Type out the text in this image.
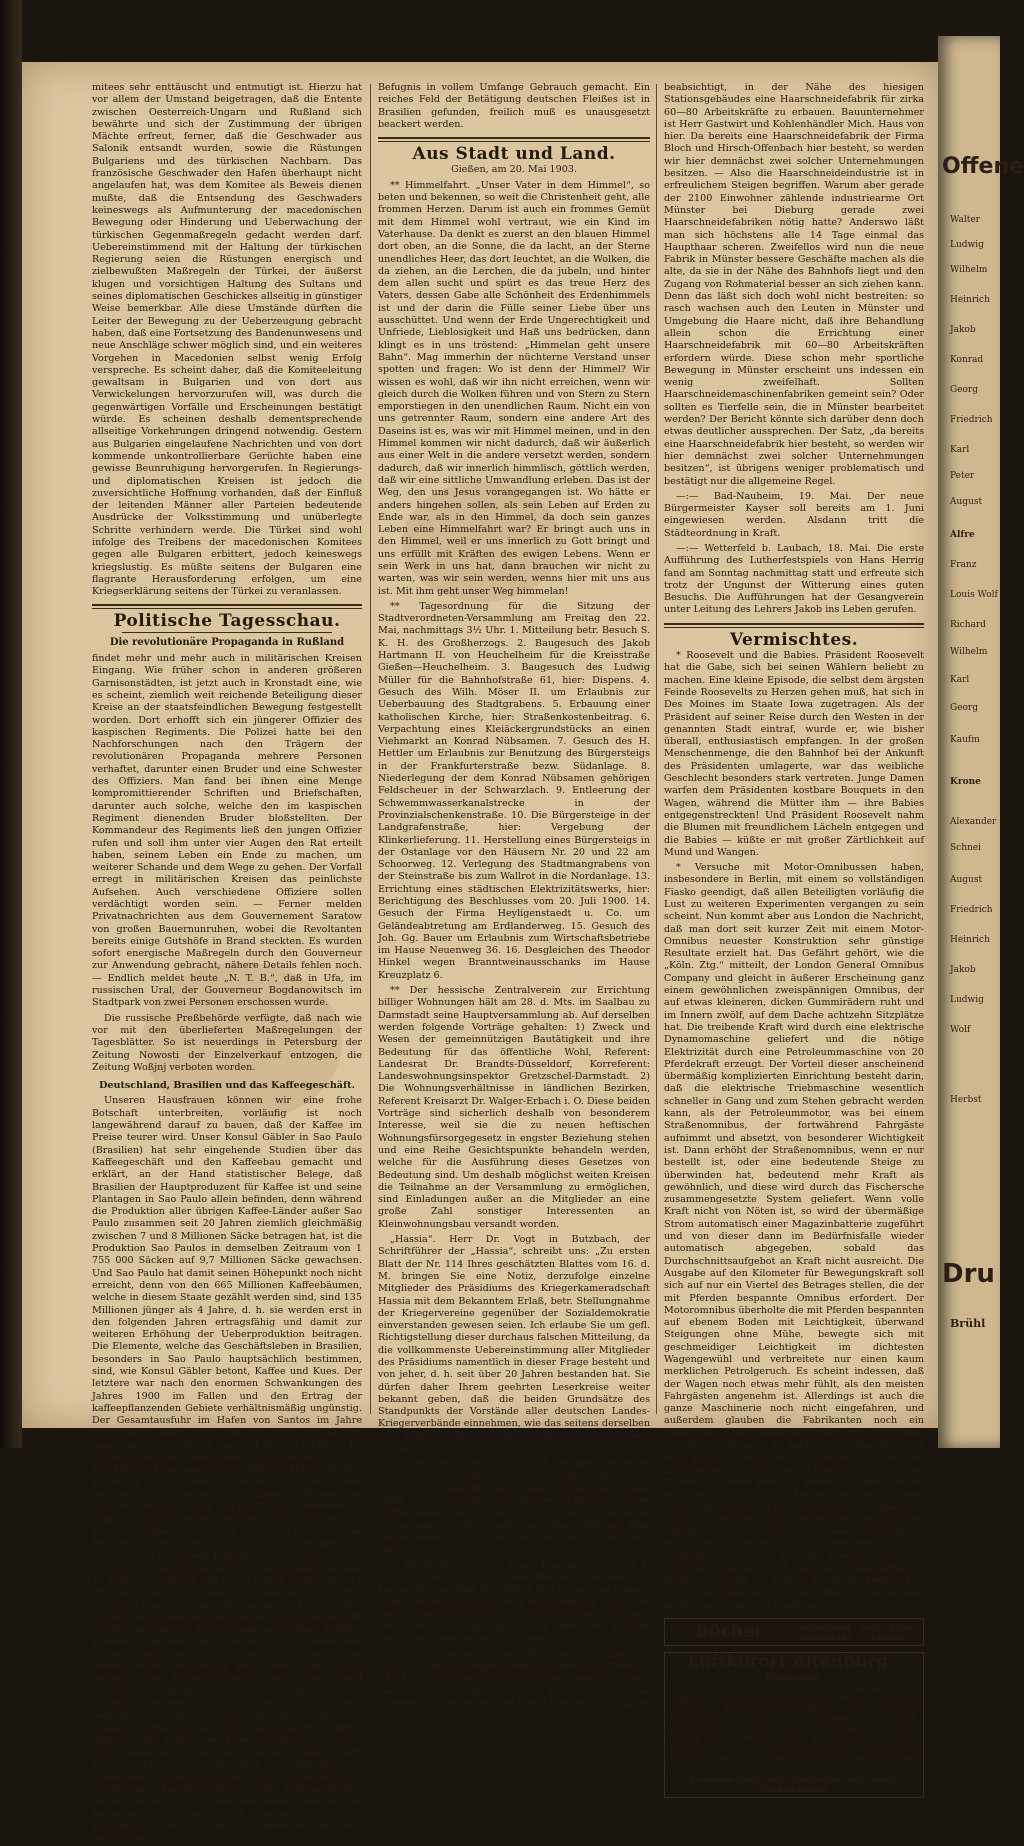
mitees sehr enttäuscht und entmutigt ist. Hierzu hat vor allem der Umstand beigetragen, daß die Entente zwischen Oesterreich-Ungarn und Rußland sich bewährte und sich der Zustimmung der übrigen Mächte erfreut, ferner, daß die Geschwader aus Salonik entsandt wurden, sowie die Rüstungen Bulgariens und des türkischen Nachbarn. Das französische Geschwader den Hafen überhaupt nicht angelaufen hat, was dem Komitee als Beweis dienen mußte, daß die Entsendung des Geschwaders keineswegs als Aufmunterung der macedonischen Bewegung oder Hinderung und Ueberwachung der türkischen Gegenmaßregeln gedacht werden darf. Uebereinstimmend mit der Haltung der türkischen Regierung seien die Rüstungen energisch und zielbewußten Maßregeln der Türkei, der äußerst klugen und vorsichtigen Haltung des Sultans und seines diplomatischen Geschickes allseitig in günstiger Weise bemerkbar. Alle diese Umstände dürften die Leiter der Bewegung zu der Ueberzeugung gebracht haben, daß eine Fortsetzung des Bandenunwesens und neue Anschläge schwer möglich sind, und ein weiteres Vorgehen in Macedonien selbst wenig Erfolg verspreche. Es scheint daher, daß die Komiteeleitung gewaltsam in Bulgarien und von dort aus Verwickelungen hervorzurufen will, was durch die gegenwärtigen Vorfälle und Erscheinungen bestätigt würde. Es scheinen deshalb dementsprechende allseitige Vorkehrungen dringend notwendig. Gestern aus Bulgarien eingelaufene Nachrichten und von dort kommende unkontrollierbare Gerüchte haben eine gewisse Beunruhigung hervorgerufen. In Regierungs- und diplomatischen Kreisen ist jedoch die zuversichtliche Hoffnung vorhanden, daß der Einfluß der leitenden Männer aller Parteien bedeutende Ausdrücke der Volksstimmung und unüberlegte Schritte verhindern werde. Die Türkei sind wohl infolge des Treibens der macedonischen Komitees gegen alle Bulgaren erbittert, jedoch keineswegs kriegslustig. Es müßte seitens der Bulgaren eine flagrante Herausforderung erfolgen, um eine Kriegserklärung seitens der Türkei zu veranlassen.

Politische Tagesschau.
Die revolutionäre Propaganda in Rußland

findet mehr und mehr auch in militärischen Kreisen Eingang. Wie früher schon in anderen größeren Garnisonstädten, ist jetzt auch in Kronstadt eine, wie es scheint, ziemlich weit reichende Beteiligung dieser Kreise an der staatsfeindlichen Bewegung festgestellt worden. Dort erhofft sich ein jüngerer Offizier des kaspischen Regiments. Die Polizei hatte bei den Nachforschungen nach den Trägern der revolutionären Propaganda mehrere Personen verhaftet, darunter einen Bruder und eine Schwester des Offiziers. Man fand bei ihnen eine Menge kompromittierender Schriften und Briefschaften, darunter auch solche, welche den im kaspischen Regiment dienenden Bruder bloßstellten. Der Kommandeur des Regiments ließ den jungen Offizier rufen und soll ihm unter vier Augen den Rat erteilt haben, seinem Leben ein Ende zu machen, um weiterer Schande und dem Wege zu gehen. Der Vorfall erregt in militärischen Kreisen das peinlichste Aufsehen. Auch verschiedene Offiziere sollen verdächtigt worden sein. — Ferner melden Privatnachrichten aus dem Gouvernement Saratow von großen Bauernunruhen, wobei die Revoltanten bereits einige Gutshöfe in Brand steckten. Es wurden sofort energische Maßregeln durch den Gouverneur zur Anwendung gebracht, nähere Details fehlen noch. — Endlich meldet heute „N. T. B.“, daß in Ufa, im russischen Ural, der Gouverneur Bogdanowitsch im Stadtpark von zwei Personen erschossen wurde.

Die russische Preßbehörde verfügte, daß nach wie vor mit den überlieferten Maßregelungen der Tagesblätter. So ist neuerdings in Petersburg der Zeitung Nowosti der Einzelverkauf entzogen, die Zeitung Woßjnj verboten worden.

Deutschland, Brasilien und das Kaffeegeschäft.

Unseren Hausfrauen können wir eine frohe Botschaft unterbreiten, vorläufig ist noch langewährend darauf zu bauen, daß der Kaffee im Preise teurer wird. Unser Konsul Gäbler in Sao Paulo (Brasilien) hat sehr eingehende Studien über das Kaffeegeschäft und den Kaffeebau gemacht und erklärt, an der Hand statistischer Belege, daß Brasilien der Hauptproduzent für Kaffee ist und seine Plantagen in Sao Paulo allein befinden, denn während die Produktion aller übrigen Kaffee-Länder außer Sao Paulo zusammen seit 20 Jahren ziemlich gleichmäßig zwischen 7 und 8 Millionen Säcke betragen hat, ist die Produktion Sao Paulos in demselben Zeitraum von 1 755 000 Säcken auf 9,7 Millionen Säcke gewachsen. Und Sao Paulo hat damit seinen Höhepunkt noch nicht erreicht, denn von den 665 Millionen Kaffeebäumen, welche in diesem Staate gezählt werden sind, sind 135 Millionen jünger als 4 Jahre, d. h. sie werden erst in den folgenden Jahren ertragsfähig und damit zur weiteren Erhöhung der Ueberproduktion beitragen. Die Elemente, welche das Geschäftsleben in Brasilien, besonders in Sao Paulo hauptsächlich bestimmen, sind, wie Konsul Gäbler betont, Kaffee und Kues. Der letztere war nach den enormen Schwankungen des Jahres 1900 im Fallen und den Ertrag der kaffeepflanzenden Gebiete verhältnismäßig ungünstig. Der Gesamtausfuhr im Hafen von Santos im Jahre 1901 hatte einen Wert von 291 774 103 Milreis gegenüber einem Werte von 304 999 917 Milreis im Vorjahre; hiervon kamen allein auf den Kaffee 287 235 498 Milreis; hinzu kamen noch 488 856 Milreis für den Kaffee in Schale und 59 Milreis für den Kaffee geröstet. Der Kaffee stellt also allein 98 Prozent der Gesamtausfuhr dar. Was nun die Einfuhr anbetrifft, so kann es uns Deutsche erfreuen, daß wir auch in Brasilien immer festeren Fuß fassen. In der Reihe der Herkunftsländer steht nämlich Großbritannien an erster Stelle mit einem Einfuhrwerte von fast 14 000 Contos de Reis, demnächst folgt Deutschland mit fast 11 000, Argentinien mit fast 13 000, Italien mit 11 000, die Vereinigten Staaten von Amerika mit 10 000, Portugal, Frankreich und Belgien mit je 4500. In den Artikeln der Eisenindustrie, welche gegen bar gekauft werden, konkurriert Deutschland mit großem Erfolge. Eiserne Scharniere kamen früher aus den Vereinigten Staaten, jetzt aus Deutschland; Vorlegeschlösser lieferte früher Frankreich, jetzt Deutschland. Auch bezüglich der Manufakturwaren geht Deutschland vorwärts. Strümpfe werden ausschließlich aus Chemnitz bezogen. Eine in deutschen Händen befindliche Glashütte, welche im Jahre 1900 erst wieder eröffnet worden war, hat gute Fortschritte gemacht. Sie hatte eine Tagesproduktion von etwa 3000 Kilogramm. An Gegenständen liefert jetzt Deutschland Arzneiflaschen, Weinflaschen, Trinkgläser, Kompottschalen. Die Arbeiterfrage, welche der Landwirtschaft große Schwierigkeiten bereitet hatte, ist in genügender Weise geregelt. Die Regierung war ermächtigt worden, 50 000 Einwanderer auf Staatskosten einzuführen und von den Geldern

Befugnis in vollem Umfange Gebrauch gemacht. Ein reiches Feld der Betätigung deutschen Fleißes ist in Brasilien gefunden, freilich muß es unausgesetzt beackert werden.

Aus Stadt und Land.
Gießen, am 20. Mai 1903.

** Himmelfahrt. „Unser Vater in dem Himmel“, so beten und bekennen, so weit die Christenheit geht, alle frommen Herzen. Darum ist auch ein frommes Gemüt mit dem Himmel wohl vertraut, wie ein Kind im Vaterhause. Da denkt es zuerst an den blauen Himmel dort oben, an die Sonne, die da lacht, an der Sterne unendliches Heer, das dort leuchtet, an die Wolken, die da ziehen, an die Lerchen, die da jubeln, und hinter dem allen sucht und spürt es das treue Herz des Vaters, dessen Gabe alle Schönheit des Erdenhimmels ist und der darin die Fülle seiner Liebe über uns ausschüttet. Und wenn der Erde Ungerechtigkeit und Unfriede, Lieblosigkeit und Haß uns bedrücken, dann klingt es in uns tröstend: „Himmelan geht unsere Bahn“. Mag immerhin der nüchterne Verstand unser spotten und fragen: Wo ist denn der Himmel? Wir wissen es wohl, daß wir ihn nicht erreichen, wenn wir gleich durch die Wolken führen und von Stern zu Stern emporstiegen in den unendlichen Raum. Nicht ein von uns getrennter Raum, sondern eine andere Art des Daseins ist es, was wir mit Himmel meinen, und in den Himmel kommen wir nicht dadurch, daß wir äußerlich aus einer Welt in die andere versetzt werden, sondern dadurch, daß wir innerlich himmlisch, göttlich werden, daß wir eine sittliche Umwandlung erleben. Das ist der Weg, den uns Jesus vorangegangen ist. Wo hätte er anders hingehen sollen, als sein Leben auf Erden zu Ende war, als in den Himmel, da doch sein ganzes Leben eine Himmelfahrt war? Er bringt auch uns in den Himmel, weil er uns innerlich zu Gott bringt und uns erfüllt mit Kräften des ewigen Lebens. Wenn er sein Werk in uns hat, dann brauchen wir nicht zu warten, was wir sein werden, wenns hier mit uns aus ist. Mit ihm geht unser Weg himmelan!

** Tagesordnung für die Sitzung der Stadtverordneten-Versammlung am Freitag den 22. Mai, nachmittags 3½ Uhr. 1. Mitteilung betr. Besuch S. K. H. des Großherzogs. 2. Baugesuch des Jakob Hartmann II. von Heuchelheim für die Kreisstraße Gießen—Heuchelheim. 3. Baugesuch des Ludwig Müller für die Bahnhofstraße 61, hier: Dispens. 4. Gesuch des Wilh. Möser II. um Erlaubnis zur Ueberbauung des Stadtgrabens. 5. Erbauung einer katholischen Kirche, hier: Straßenkostenbeitrag. 6. Verpachtung eines Kleiäckergrundstücks an einen Viehmarkt an Konrad Nübsamen. 7. Gesuch des H. Hettler um Erlaubnis zur Benutzung des Bürgersteigs in der Frankfurterstraße bezw. Südanlage. 8. Niederlegung der dem Konrad Nübsamen gehörigen Feldscheuer in der Schwarzlach. 9. Entleerung der Schwemmwasserkanalstrecke in der Provinzialschenkenstraße. 10. Die Bürgersteige in der Landgrafenstraße, hier: Vergebung der Klinkerlieferung. 11. Herstellung eines Bürgersteigs in der Ostanlage vor den Häusern Nr. 20 und 22 am Schoorweg. 12. Verlegung des Stadtmangrabens von der Steinstraße bis zum Wallrot in die Nordanlage. 13. Errichtung eines städtischen Elektrizitätswerks, hier: Berichtigung des Beschlusses vom 20. Juli 1900. 14. Gesuch der Firma Heyligenstaedt u. Co. um Geländeabtretung am Erdlanderweg. 15. Gesuch des Joh. Gg. Bauer um Erlaubnis zum Wirtschaftsbetriebe im Hause Neuenweg 36. 16. Desgleichen des Theodor Hinkel wegen Branntweinausschanks im Hause Kreuzplatz 6.

** Der hessische Zentralverein zur Errichtung billiger Wohnungen hält am 28. d. Mts. im Saalbau zu Darmstadt seine Hauptversammlung ab. Auf derselben werden folgende Vorträge gehalten: 1) Zweck und Wesen der gemeinnützigen Bautätigkeit und ihre Bedeutung für das öffentliche Wohl, Referent: Landesrat Dr. Brandts-Düsseldorf, Korreferent: Landeswohnungsinspektor Gretzschel-Darmstadt. 2) Die Wohnungsverhältnisse in ländlichen Bezirken, Referent Kreisarzt Dr. Walger-Erbach i. O. Diese beiden Vorträge sind sicherlich deshalb von besonderem Interesse, weil sie die zu neuen heftischen Wohnungsfürsorgegesetz in engster Beziehung stehen und eine Reihe Gesichtspunkte behandeln werden, welche für die Ausführung dieses Gesetzes von Bedeutung sind. Um deshalb möglichst weiten Kreisen die Teilnahme an der Versammlung zu ermöglichen, sind Einladungen außer an die Mitglieder an eine große Zahl sonstiger Interessenten an Kleinwohnungsbau versandt worden.

„Hassia“. Herr Dr. Vogt in Butzbach, der Schriftführer der „Hassia“, schreibt uns: „Zu ersten Blatt der Nr. 114 Ihres geschätzten Blattes vom 16. d. M. bringen Sie eine Notiz, derzufolge einzelne Mitglieder des Präsidiums des Kriegerkameradschaft Hassia mit dem Bekanntem Erlaß, betr. Stellungnahme der Kriegervereine gegenüber der Sozialdemokratie einverstanden gewesen seien. Ich erlaube Sie um gefl. Richtigstellung dieser durchaus falschen Mitteilung, da die vollkommenste Uebereinstimmung aller Mitglieder des Präsidiums namentlich in dieser Frage besteht und von jeher, d. h. seit über 20 Jahren bestanden hat. Sie dürfen daher Ihrem geehrten Leserkreise weiter bekannt geben, daß die beiden Grundsätze des Standpunkts der Vorstände aller deutschen Landes-Kriegerverbände einnehmen, wie das seitens derselben im Oktober 1901 auf dem Kyffhäuser beschlossen worden.“

Unsere Mitteilung in Nr. 114 beruhte auf einer Information von sehr vertrauenswürdiger Stelle, die sowohl uns bekannt, der „Hassia“ sogar recht nahe steht. Wir glauben daraus schließen zu dürfen, daß der Kyffhäuserbeschluß wenn auch die schließliche Zustimmung, so doch nicht die völlige Billigung aller maßgebenden Persönlichkeiten der „Hassia“ gefunden hat.

** Ein Diebstahl wurde dieser Tage beim Gastwirt A. in Klein-Linden verübt. Zwei Männer entnahmen in kurzer Abwesenheit des Wirtes der Kasse eine Summe Geld, desgleichen rasch und verschwanden. Der Wirt merkte aber alsbald die Tat und nahm die Verfolgung der Diebe auf. Es gelang ihm, sie einzuholen und zur Herausgabe des Geldes zu bringen.

** Haarschneidefabriken. Wir lesen im „Darmst. Tgbl.“ folgenden Originalartikel: Münster b. Dieburg, 14. Mai. In unserer an Industrie ziemlich armen Gegend wird demnächst ein neues industrielles Unternehmen erstehen. Die Firma Donner zu Frankfurt a. M.

beabsichtigt, in der Nähe des hiesigen Stationsgebäudes eine Haarschneidefabrik für zirka 60—80 Arbeitskräfte zu erbauen. Bauunternehmer ist Herr Gastwirt und Kohlenhändler Mich. Haus von hier. Da bereits eine Haarschneidefabrik der Firma Bloch und Hirsch-Offenbach hier besteht, so werden wir hier demnächst zwei solcher Unternehmungen besitzen. — Also die Haarschneideindustrie ist in erfreulichem Steigen begriffen. Warum aber gerade der 2100 Einwohner zählende industriearme Ort Münster bei Dieburg gerade zwei Haarschneidefabriken nötig hatte? Anderswo läßt man sich höchstens alle 14 Tage einmal das Haupthaar scheren. Zweifellos wird nun die neue Fabrik in Münster bessere Geschäfte machen als die alte, da sie in der Nähe des Bahnhofs liegt und den Zugang von Rohmaterial besser an sich ziehen kann. Denn das läßt sich doch wohl nicht bestreiten: so rasch wachsen auch den Leuten in Münster und Umgebung die Haare nicht, daß ihre Behandlung allein schon die Errichtung einer Haarschneidefabrik mit 60—80 Arbeitskräften erfordern würde. Diese schon mehr sportliche Bewegung in Münster erscheint uns indessen ein wenig zweifelhaft. Sollten Haarschneidemaschinenfabriken gemeint sein? Oder sollten es Tierfelle sein, die in Münster bearbeitet werden? Der Bericht könnte sich darüber denn doch etwas deutlicher aussprechen. Der Satz, „da bereits eine Haarschneidefabrik hier besteht, so werden wir hier demnächst zwei solcher Unternehmungen besitzen“, ist übrigens weniger problematisch und bestätigt nur die allgemeine Regel.

—:— Bad-Nauheim, 19. Mai. Der neue Bürgermeister Kayser soll bereits am 1. Juni eingewiesen werden. Alsdann tritt die Städteordnung in Kraft.

—:— Wetterfeld b. Laubach, 18. Mai. Die erste Aufführung des Lutherfestspiels von Hans Herrig fand am Sonntag nachmittag statt und erfreute sich trotz der Ungunst der Witterung eines guten Besuchs. Die Aufführungen hat der Gesangverein unter Leitung des Lehrers Jakob ins Leben gerufen.

Vermischtes.

* Roosevelt und die Babies. Präsident Roosevelt hat die Gabe, sich bei seinen Wählern beliebt zu machen. Eine kleine Episode, die selbst dem ärgsten Feinde Roosevelts zu Herzen gehen muß, hat sich in Des Moines im Staate Iowa zugetragen. Als der Präsident auf seiner Reise durch den Westen in der genannten Stadt eintraf, wurde er, wie bisher überall, enthusiastisch empfangen. In der großen Menschenmenge, die den Bahnhof bei der Ankunft des Präsidenten umlagerte, war das weibliche Geschlecht besonders stark vertreten. Junge Damen warfen dem Präsidenten kostbare Bouquets in den Wagen, während die Mütter ihm — ihre Babies entgegenstreckten! Und Präsident Roosevelt nahm die Blumen mit freundlichem Lächeln entgegen und die Babies — küßte er mit großer Zärtlichkeit auf Mund und Wangen.

* Versuche mit Motor-Omnibussen haben, insbesondere in Berlin, mit einem so vollständigen Fiasko geendigt, daß allen Beteiligten vorläufig die Lust zu weiteren Experimenten vergangen zu sein scheint. Nun kommt aber aus London die Nachricht, daß man dort seit kurzer Zeit mit einem Motor-Omnibus neuester Konstruktion sehr günstige Resultate erzielt hat. Das Gefährt gehört, wie die „Köln. Ztg.“ mitteilt, der London General Omnibus Company und gleicht in äußerer Erscheinung ganz einem gewöhnlichen zweispännigen Omnibus, der auf etwas kleineren, dicken Gummirädern ruht und im Innern zwölf, auf dem Dache achtzehn Sitzplätze hat. Die treibende Kraft wird durch eine elektrische Dynamomaschine geliefert und die nötige Elektrizität durch eine Petroleummaschine von 20 Pferdekraft erzeugt. Der Vorteil dieser anscheinend übermäßig komplizierten Einrichtung besteht darin, daß die elektrische Triebmaschine wesentlich schneller in Gang und zum Stehen gebracht werden kann, als der Petroleummotor, was bei einem Straßenomnibus, der fortwährend Fahrgäste aufnimmt und absetzt, von besonderer Wichtigkeit ist. Dann erhöht der Straßenomnibus, wenn er nur bestellt ist, oder eine bedeutende Steige zu überwinden hat, bedeutend mehr Kraft als gewöhnlich, und diese wird durch das Fischersche zusammengesetzte System geliefert. Wenn volle Kraft nicht von Nöten ist, so wird der übermäßige Strom automatisch einer Magazinbatterie zugeführt und von dieser dann im Bedürfnisfalle wieder automatisch abgegeben, sobald das Durchschnittsaufgebot an Kraft nicht ausreicht. Die Ausgabe auf den Kilometer für Bewegungskraft soll sich auf nur ein Viertel des Betrages stellen, die der mit Pferden bespannte Omnibus erfordert. Der Motoromnibus überholte die mit Pferden bespannten auf ebenem Boden mit Leichtigkeit, überwand Steigungen ohne Mühe, bewegte sich mit geschmeidiger Leichtigkeit im dichtesten Wagengewühl und verbreitete nur einen kaum merklichen Petrolgeruch. Es scheint indessen, daß der Wagen noch etwas mehr fühlt, als den meisten Fahrgästen angenehm ist. Allerdings ist auch die ganze Maschinerie noch nicht eingefahren, und außerdem glauben die Fabrikanten noch ein Ziemliches in der Federeinrichtung tun zu können, um dieses Vibrieren zu mildern. — Jedenfalls wird man auch in deutschen Großstädten gut tun, die Erfahrungen, die in London mit den Motoromnibussen gemacht werden, aufmerksam zu verfolgen. Sollte sich in London das beschriebene System bewähren, so ist zu erwarten, daß man sich auch in anderen Großstädten dem automobilen Omnibus zuwendet. Denn das dieses Fahrzeug für den Straßenverkehr zum mindesten nicht gefährlicher ist als das mit Pferden gezogene Fuhrwerk, hat sich z. B. bei den Probefahrten in Berlin, wo sogar die Polizei die große Lenkbarkeit und Bremsfähigkeit solcher Wagen anerkennen mußte, mit Sicherheit ergeben.

Ende Bücher kauft liefert
Antiquariat Karl Köhler Hohestraße 58, Leipzig.
Luftkurort Altenburg in Oberhessen.
Idyllische Lage a. Nordabhang des Vogelsberges. Reichl. empfohl. Erholungsaufenthalt f. Sommerfrischler, Nervöse, Genesende. Staubfreie Spaziergänge in herrl. Laub- u. Nadelwäldern, ozonreiche tannenduftende Luft. Freundl. Verpflegung, gute Küche. Vorzügl. Trinkwasser, Milchkuren (frische Milch), Seebad im Fluß, Jagd, Fischerei, Badeort. Zur Station nur 1½ Std. gute Chaussee. Nähe d. Stadt Alsfeld (5 „hessische Rotenburg“, m. Sehenswürdigkeiten). Alt. Näh.
Kurverein Altenburg, Oberhessen, Stat. Alsfeld (Gießen-Fulda).
Offene
Walter
Ludwig
Wilhelm
Heinrich
Jakob
Konrad
Georg
Friedrich
Karl
Peter
August
Alfre
Franz
Louis Wolf
Richard
Wilhelm
Karl
Georg
Kaufm
Krone
Alexander
Schnei
August
Friedrich
Heinrich
Jakob
Ludwig
Wolf
Herbst
Dru
Brühl
